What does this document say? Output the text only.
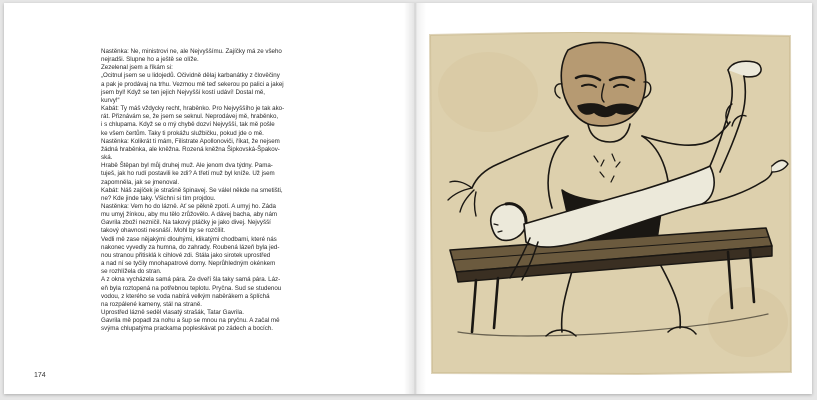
Nastěnka: Ne, ministrovi ne, ale Nejvyššímu. Zajíčky má ze všeho

nejradši. Slupne ho a ještě se olíže.

Zezelenal jsem a říkám si:

„Ocitnul jsem se u lidojedů. Očividně dělaj karbanátky z člověčiny

a pak je prodávaj na trhu. Vezmou mě teď sekerou po palici a jakej

jsem byl! Když se ten jejich Nejvyšší kostí udáví! Dostal mě,

kurvy!“

Kabát: Ty máš vždycky recht, hraběnko. Pro Nejvyššího je tak ako-

rát. Přiznávám se, že jsem se seknul. Neprodávej mě, hraběnko,

i s chlupama. Když se o mý chybě dozví Nejvyšší, tak mě pošle

ke všem čertům. Taky ti prokážu službičku, pokud jde o mě.

Nastěnka: Kolikrát ti mám, Filistrate Apollonoviči, říkat, že nejsem

žádná hraběnka, ale kněžna. Rozená kněžna Šipkovská-Špakov-

ská.

Hrabě Štěpan byl můj druhej muž. Ale jenom dva týdny. Pama-

tuješ, jak ho rudí postavili ke zdi? A třetí muž byl kníže. Už jsem

zapomněla, jak se jmenoval.

Kabát: Náš zajíček je strašně špinavej. Se válel někde na smetišti,

ne? Kde jinde taky. Všichni si tím projdou.

Nastěnka: Vem ho do lázně. Ať se pěkně zpotí. A umyj ho. Záda

mu umyj žínkou, aby mu tělo zrůžovělo. A dávej bacha, aby nám

Gavrila zboží nezničil. Na takový ptáčky je jako divej. Nejvyšší

takový ohavnosti nesnáší. Mohl by se rozčílit.

Vedli mě zase nějakými dlouhými, klikatými chodbami, které nás

nakonec vyvedly za humna, do zahrady. Roubená lázeň byla jed-

nou stranou přitisklá k cihlové zdi. Stála jako sirotek uprostřed

a nad ní se tyčily mnohapatrové domy. Neprůhledným okénkem

se rozhlížela do stran.

A z okna vycházela samá pára. Ze dveří šla taky samá pára. Láz-

eň byla roztopená na potřebnou teplotu. Pryčna. Sud se studenou

vodou, z kterého se voda nabírá velkým naběrákem a šplíchá

na rozpálené kameny, stál na straně.

Uprostřed lázně seděl vlasatý strašák, Tatar Gavrila.

Gavrila mě popadl za nohu a šup se mnou na pryčnu. A začal mě

svýma chlupatýma prackama popleskávat po zádech a bocích.

174
